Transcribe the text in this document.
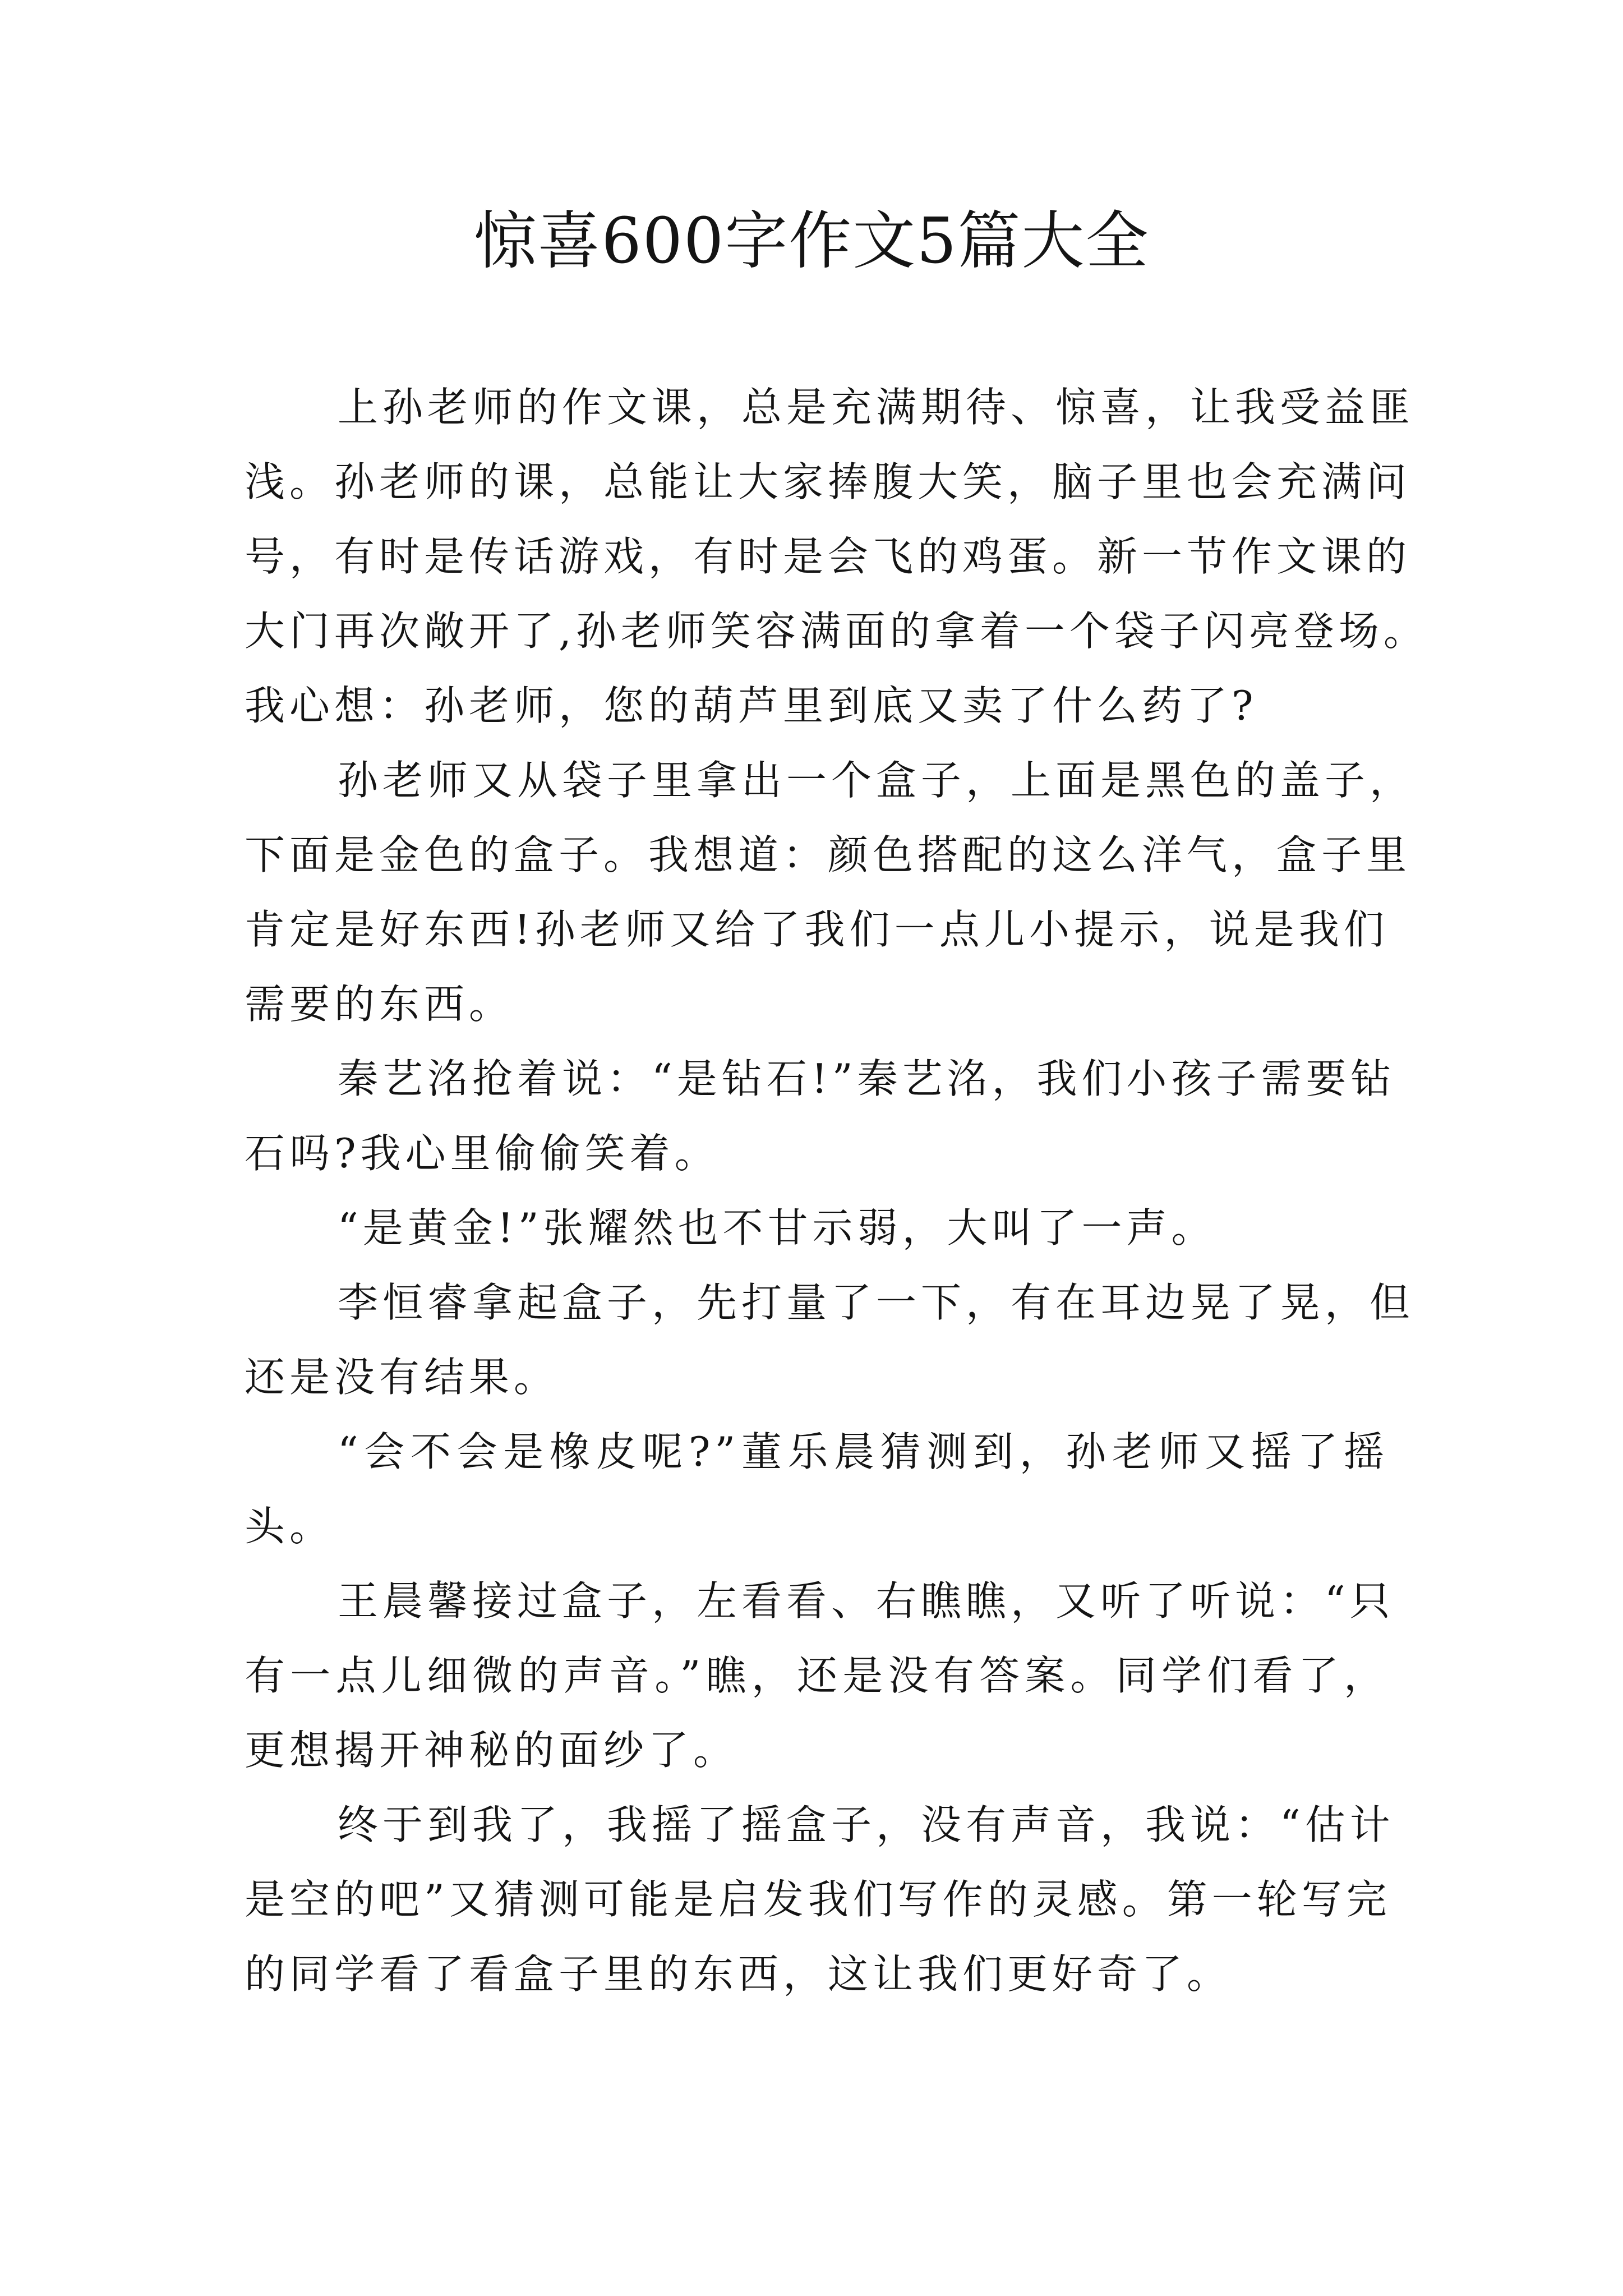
惊喜600字作文5篇大全

上孙老师的作文课，总是充满期待、惊喜，让我受益匪
浅。孙老师的课，总能让大家捧腹大笑，脑子里也会充满问
号，有时是传话游戏，有时是会飞的鸡蛋。新一节作文课的
大门再次敞开了,孙老师笑容满面的拿着一个袋子闪亮登场。
我心想：孙老师，您的葫芦里到底又卖了什么药了?

孙老师又从袋子里拿出一个盒子，上面是黑色的盖子，
下面是金色的盒子。我想道：颜色搭配的这么洋气，盒子里
肯定是好东西!孙老师又给了我们一点儿小提示，说是我们
需要的东西。

秦艺洺抢着说：“是钻石!”秦艺洺，我们小孩子需要钻
石吗?我心里偷偷笑着。

“是黄金!”张耀然也不甘示弱，大叫了一声。

李恒睿拿起盒子，先打量了一下，有在耳边晃了晃，但
还是没有结果。

“会不会是橡皮呢?”董乐晨猜测到，孙老师又摇了摇
头。

王晨馨接过盒子，左看看、右瞧瞧，又听了听说：“只
有一点儿细微的声音。”瞧，还是没有答案。同学们看了，
更想揭开神秘的面纱了。

终于到我了，我摇了摇盒子，没有声音，我说：“估计
是空的吧”又猜测可能是启发我们写作的灵感。第一轮写完
的同学看了看盒子里的东西，这让我们更好奇了。
